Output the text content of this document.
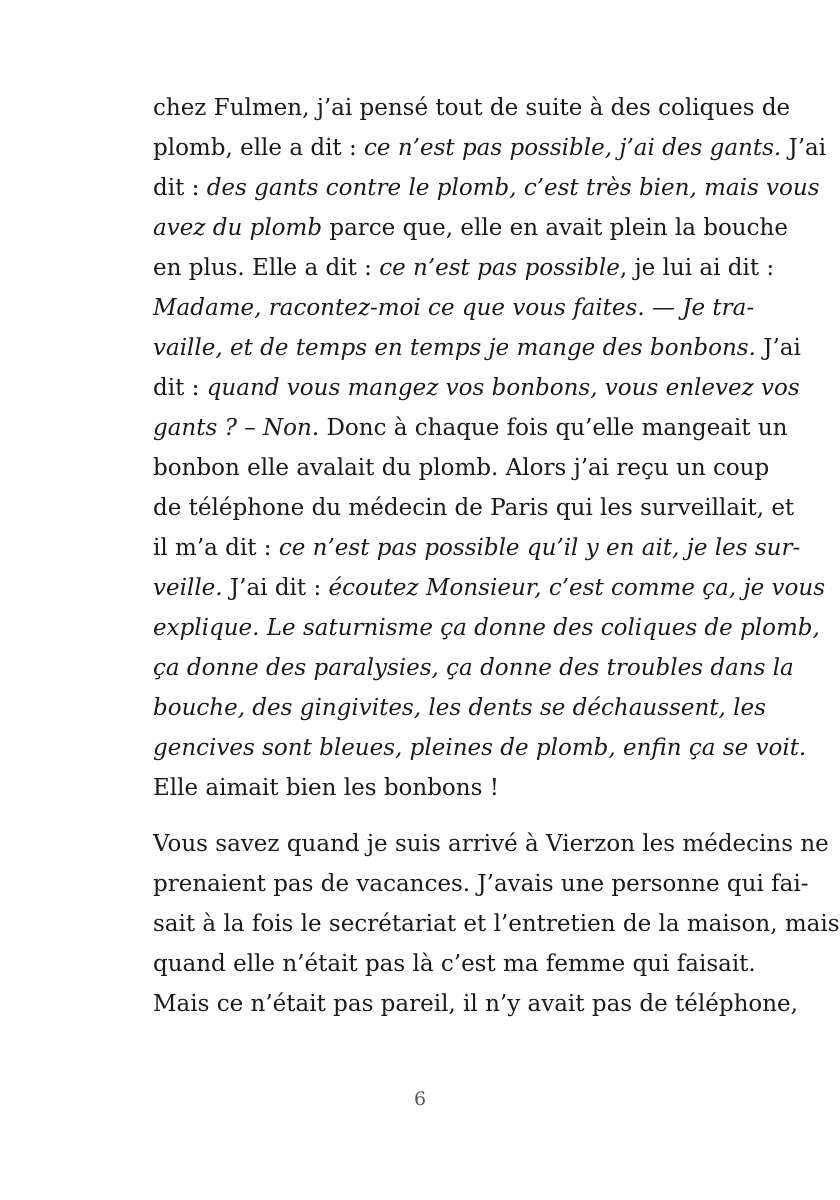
chez Fulmen, j’ai pensé tout de suite à des coliques de
plomb, elle a dit : ce n’est pas possible, j’ai des gants. J’ai
dit : des gants contre le plomb, c’est très bien, mais vous
avez du plomb parce que, elle en avait plein la bouche
en plus. Elle a dit : ce n’est pas possible, je lui ai dit :
Madame, racontez-moi ce que vous faites. — Je tra-
vaille, et de temps en temps je mange des bonbons. J’ai
dit : quand vous mangez vos bonbons, vous enlevez vos
gants ? – Non. Donc à chaque fois qu’elle mangeait un
bonbon elle avalait du plomb. Alors j’ai reçu un coup
de téléphone du médecin de Paris qui les surveillait, et
il m’a dit : ce n’est pas possible qu’il y en ait, je les sur-
veille. J’ai dit : écoutez Monsieur, c’est comme ça, je vous
explique. Le saturnisme ça donne des coliques de plomb,
ça donne des paralysies, ça donne des troubles dans la
bouche, des gingivites, les dents se déchaussent, les
gencives sont bleues, pleines de plomb, enfin ça se voit.
Elle aimait bien les bonbons !
Vous savez quand je suis arrivé à Vierzon les médecins ne
prenaient pas de vacances. J’avais une personne qui fai-
sait à la fois le secrétariat et l’entretien de la maison, mais
quand elle n’était pas là c’est ma femme qui faisait.
Mais ce n’était pas pareil, il n’y avait pas de téléphone,
6
